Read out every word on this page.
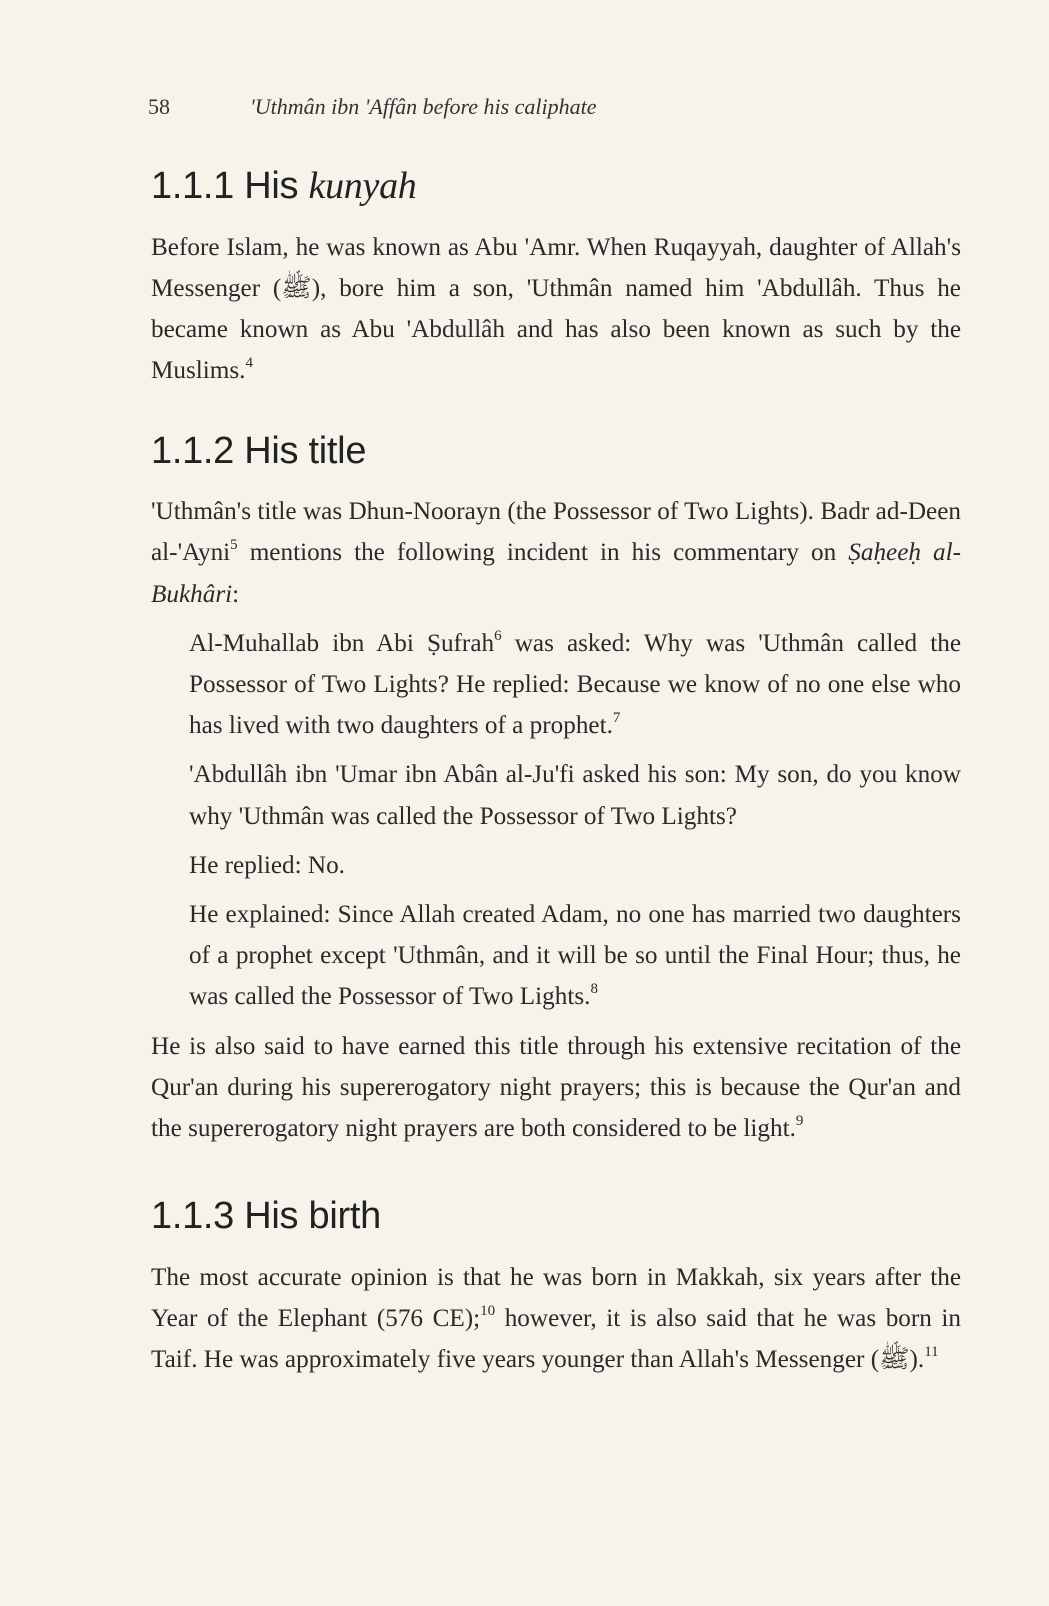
58	'Uthmân ibn 'Affân before his caliphate
1.1.1 His kunyah

Before Islam, he was known as Abu 'Amr. When Ruqayyah, daughter of Allah's Messenger (ﷺ), bore him a son, 'Uthmân named him 'Abdullâh. Thus he became known as Abu 'Abdullâh and has also been known as such by the Muslims.$^4$

1.1.2 His title

'Uthmân's title was Dhun-Noorayn (the Possessor of Two Lights). Badr ad-Deen al-'Ayni$^5$ mentions the following incident in his commentary on Ṣaḥeeḥ al-Bukhâri:

Al-Muhallab ibn Abi Ṣufrah$^6$ was asked: Why was 'Uthmân called the Possessor of Two Lights? He replied: Because we know of no one else who has lived with two daughters of a prophet.$^7$

'Abdullâh ibn 'Umar ibn Abân al-Ju'fi asked his son: My son, do you know why 'Uthmân was called the Possessor of Two Lights?

He replied: No.

He explained: Since Allah created Adam, no one has married two daughters of a prophet except 'Uthmân, and it will be so until the Final Hour; thus, he was called the Possessor of Two Lights.$^8$

He is also said to have earned this title through his extensive recitation of the Qur'an during his supererogatory night prayers; this is because the Qur'an and the supererogatory night prayers are both considered to be light.$^9$

1.1.3 His birth

The most accurate opinion is that he was born in Makkah, six years after the Year of the Elephant (576 CE);$^{10}$ however, it is also said that he was born in Taif. He was approximately five years younger than Allah's Messenger (ﷺ).$^{11}$
